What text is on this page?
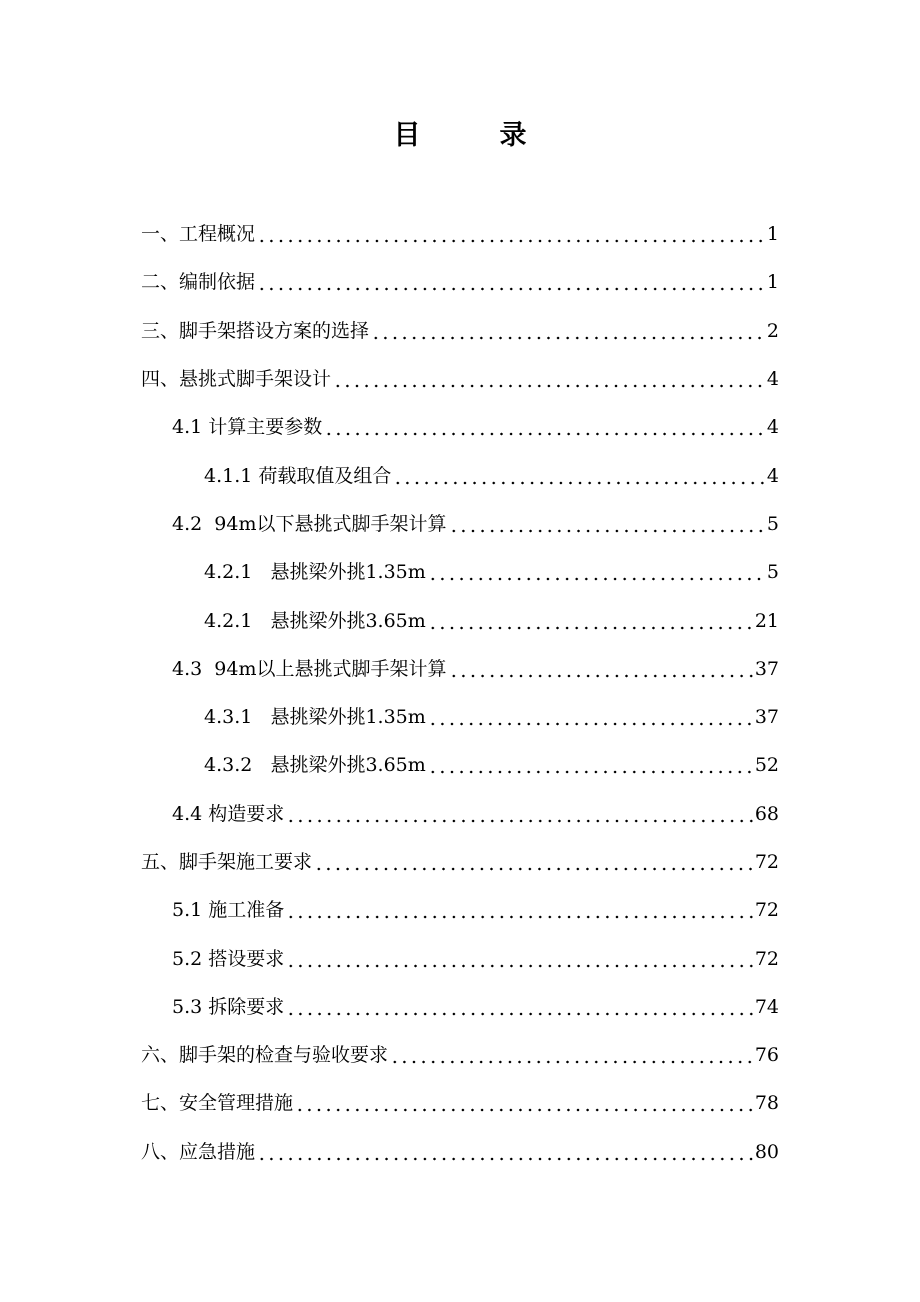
目　录
一、工程概况	1
二、编制依据	1
三、脚手架搭设方案的选择	2
四、悬挑式脚手架设计	4
4.1 计算主要参数	4
4.1.1 荷载取值及组合	4
4.2  94m以下悬挑式脚手架计算	5
4.2.1   悬挑梁外挑1.35m	5
4.2.1   悬挑梁外挑3.65m	21
4.3  94m以上悬挑式脚手架计算	37
4.3.1   悬挑梁外挑1.35m	37
4.3.2   悬挑梁外挑3.65m	52
4.4 构造要求	68
五、脚手架施工要求	72
5.1 施工准备	72
5.2 搭设要求	72
5.3 拆除要求	74
六、脚手架的检查与验收要求	76
七、安全管理措施	78
八、应急措施	80
